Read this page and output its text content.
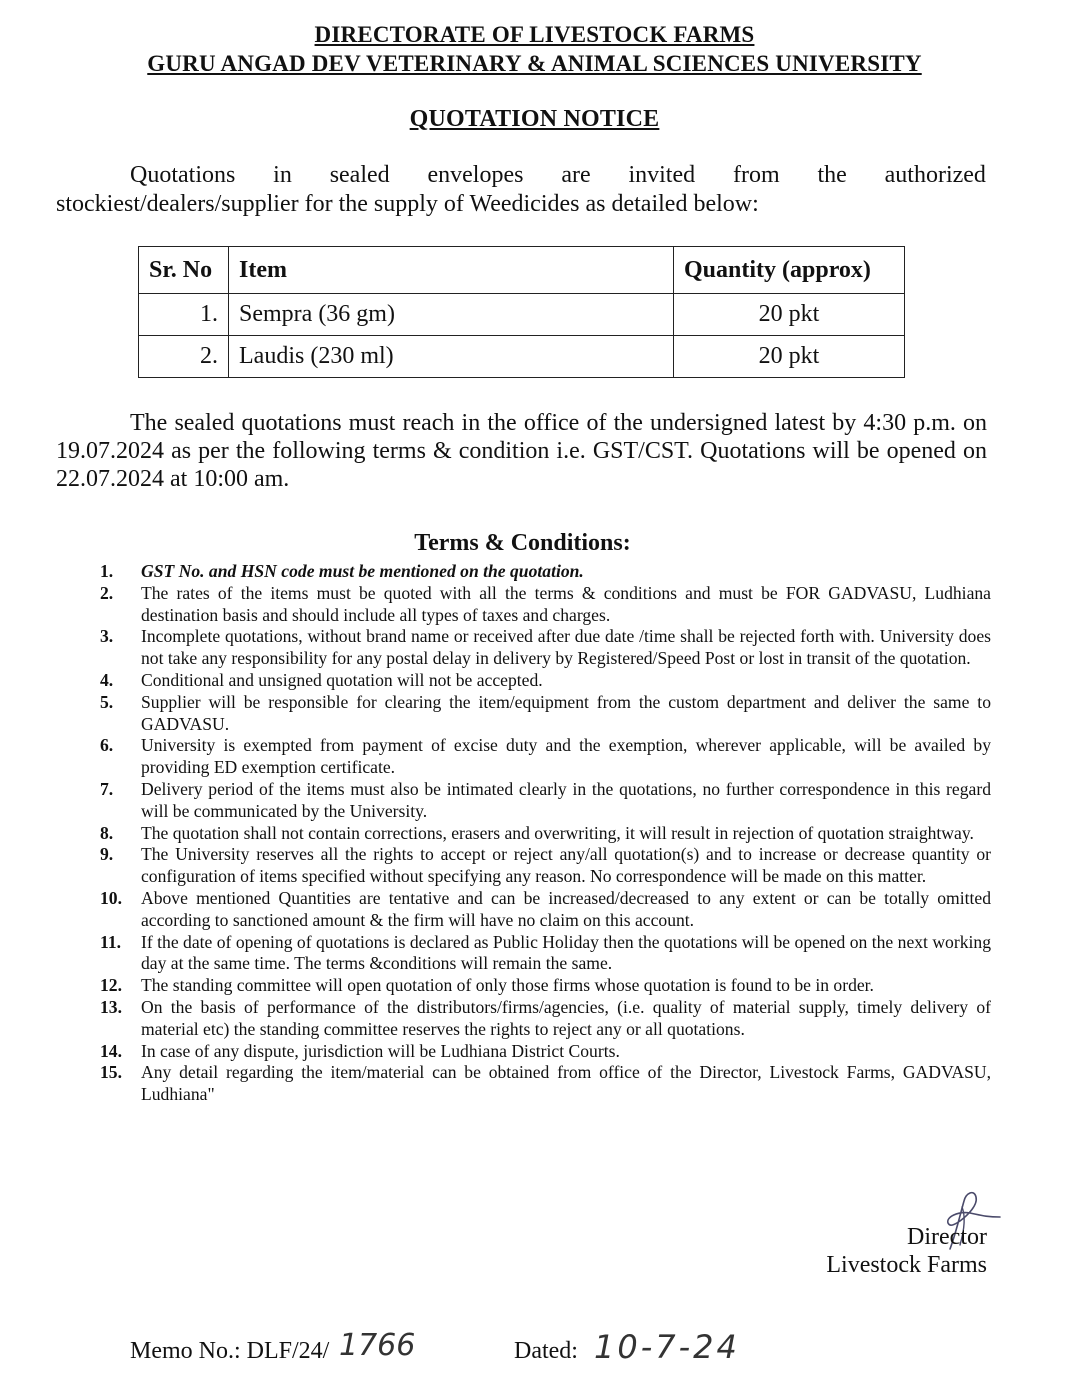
DIRECTORATE OF LIVESTOCK FARMS
GURU ANGAD DEV VETERINARY & ANIMAL SCIENCES UNIVERSITY
QUOTATION NOTICE
Quotations in sealed envelopes are invited from the authorized
stockiest/dealers/supplier for the supply of Weedicides as detailed below:
Sr. No	Item	Quantity (approx)
1.	Sempra (36 gm)	20 pkt
2.	Laudis (230 ml)	20 pkt
The sealed quotations must reach in the office of the undersigned latest by 4:30 p.m. on 19.07.2024 as per the following terms & condition i.e. GST/CST. Quotations will be opened on 22.07.2024 at 10:00 am.
Terms & Conditions:
1.	GST No. and HSN code must be mentioned on the quotation.
2.	The rates of the items must be quoted with all the terms & conditions and must be FOR GADVASU, Ludhiana destination basis and should include all types of taxes and charges.
3.	Incomplete quotations, without brand name or received after due date /time shall be rejected forth with. University does not take any responsibility for any postal delay in delivery by Registered/Speed Post or lost in transit of the quotation.
4.	Conditional and unsigned quotation will not be accepted.
5.	Supplier will be responsible for clearing the item/equipment from the custom department and deliver the same to GADVASU.
6.	University is exempted from payment of excise duty and the exemption, wherever applicable, will be availed by providing ED exemption certificate.
7.	Delivery period of the items must also be intimated clearly in the quotations, no further correspondence in this regard will be communicated by the University.
8.	The quotation shall not contain corrections, erasers and overwriting, it will result in rejection of quotation straightway.
9.	The University reserves all the rights to accept or reject any/all quotation(s) and to increase or decrease quantity or configuration of items specified without specifying any reason. No correspondence will be made on this matter.
10.	Above mentioned Quantities are tentative and can be increased/decreased to any extent or can be totally omitted according to sanctioned amount & the firm will have no claim on this account.
11.	If the date of opening of quotations is declared as Public Holiday then the quotations will be opened on the next working day at the same time. The terms &conditions will remain the same.
12.	The standing committee will open quotation of only those firms whose quotation is found to be in order.
13.	On the basis of performance of the distributors/firms/agencies, (i.e. quality of material supply, timely delivery of material etc) the standing committee reserves the rights to reject any or all quotations.
14.	In case of any dispute, jurisdiction will be Ludhiana District Courts.
15.	Any detail regarding the item/material can be obtained from office of the Director, Livestock Farms, GADVASU, Ludhiana"
Director
Livestock Farms
Memo No.: DLF/24/ 1766	Dated: 10-7-24
